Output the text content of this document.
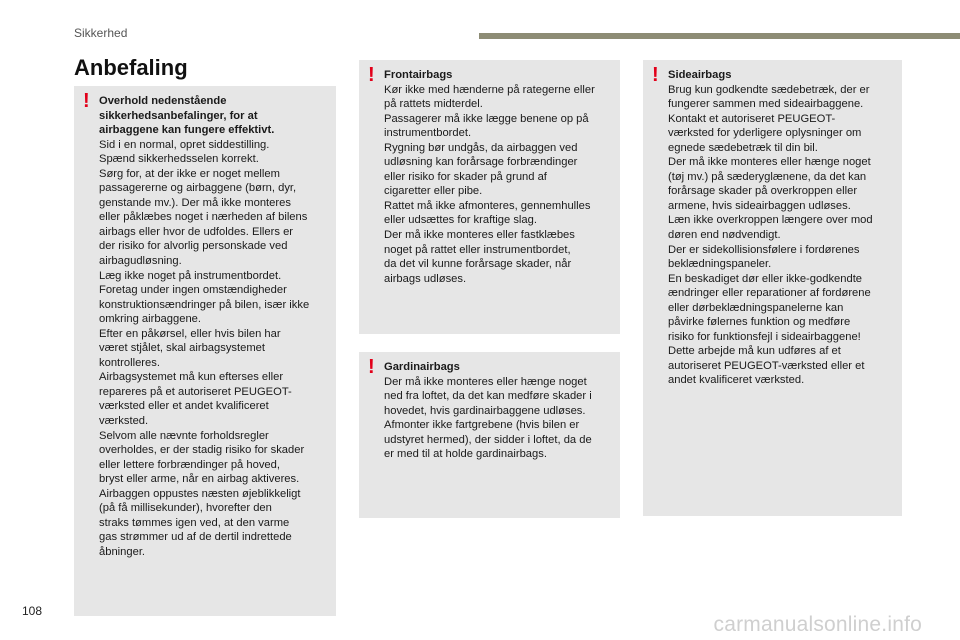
Sikkerhed
Anbefaling
! Overhold nedenstående
sikkerhedsanbefalinger, for at
airbaggene kan fungere effektivt.
Sid i en normal, opret siddestilling.
Spænd sikkerhedsselen korrekt.
Sørg for, at der ikke er noget mellem
passagererne og airbaggene (børn, dyr,
genstande mv.). Der må ikke monteres
eller påklæbes noget i nærheden af bilens
airbags eller hvor de udfoldes. Ellers er
der risiko for alvorlig personskade ved
airbagudløsning.
Læg ikke noget på instrumentbordet.
Foretag under ingen omstændigheder
konstruktionsændringer på bilen, især ikke
omkring airbaggene.
Efter en påkørsel, eller hvis bilen har
været stjålet, skal airbagsystemet
kontrolleres.
Airbagsystemet må kun efterses eller
repareres på et autoriseret PEUGEOT-
værksted eller et andet kvalificeret
værksted.
Selvom alle nævnte forholdsregler
overholdes, er der stadig risiko for skader
eller lettere forbrændinger på hoved,
bryst eller arme, når en airbag aktiveres.
Airbaggen oppustes næsten øjeblikkeligt
(på få millisekunder), hvorefter den
straks tømmes igen ved, at den varme
gas strømmer ud af de dertil indrettede
åbninger.
! Frontairbags
Kør ikke med hænderne på rategerne eller
på rattets midterdel.
Passagerer må ikke lægge benene op på
instrumentbordet.
Rygning bør undgås, da airbaggen ved
udløsning kan forårsage forbrændinger
eller risiko for skader på grund af
cigaretter eller pibe.
Rattet må ikke afmonteres, gennemhulles
eller udsættes for kraftige slag.
Der må ikke monteres eller fastklæbes
noget på rattet eller instrumentbordet,
da det vil kunne forårsage skader, når
airbags udløses.
! Gardinairbags
Der må ikke monteres eller hænge noget
ned fra loftet, da det kan medføre skader i
hovedet, hvis gardinairbaggene udløses.
Afmonter ikke fartgrebene (hvis bilen er
udstyret hermed), der sidder i loftet, da de
er med til at holde gardinairbags.
! Sideairbags
Brug kun godkendte sædebetræk, der er
fungerer sammen med sideairbaggene.
Kontakt et autoriseret PEUGEOT-
værksted for yderligere oplysninger om
egnede sædebetræk til din bil.
Der må ikke monteres eller hænge noget
(tøj mv.) på sæderyglænene, da det kan
forårsage skader på overkroppen eller
armene, hvis sideairbaggen udløses.
Læn ikke overkroppen længere over mod
døren end nødvendigt.
Der er sidekollisionsfølere i fordørenes
beklædningspaneler.
En beskadiget dør eller ikke-godkendte
ændringer eller reparationer af fordørene
eller dørbeklædningspanelerne kan
påvirke følernes funktion og medføre
risiko for funktionsfejl i sideairbaggene!
Dette arbejde må kun udføres af et
autoriseret PEUGEOT-værksted eller et
andet kvalificeret værksted.
108
carmanualsonline.info
